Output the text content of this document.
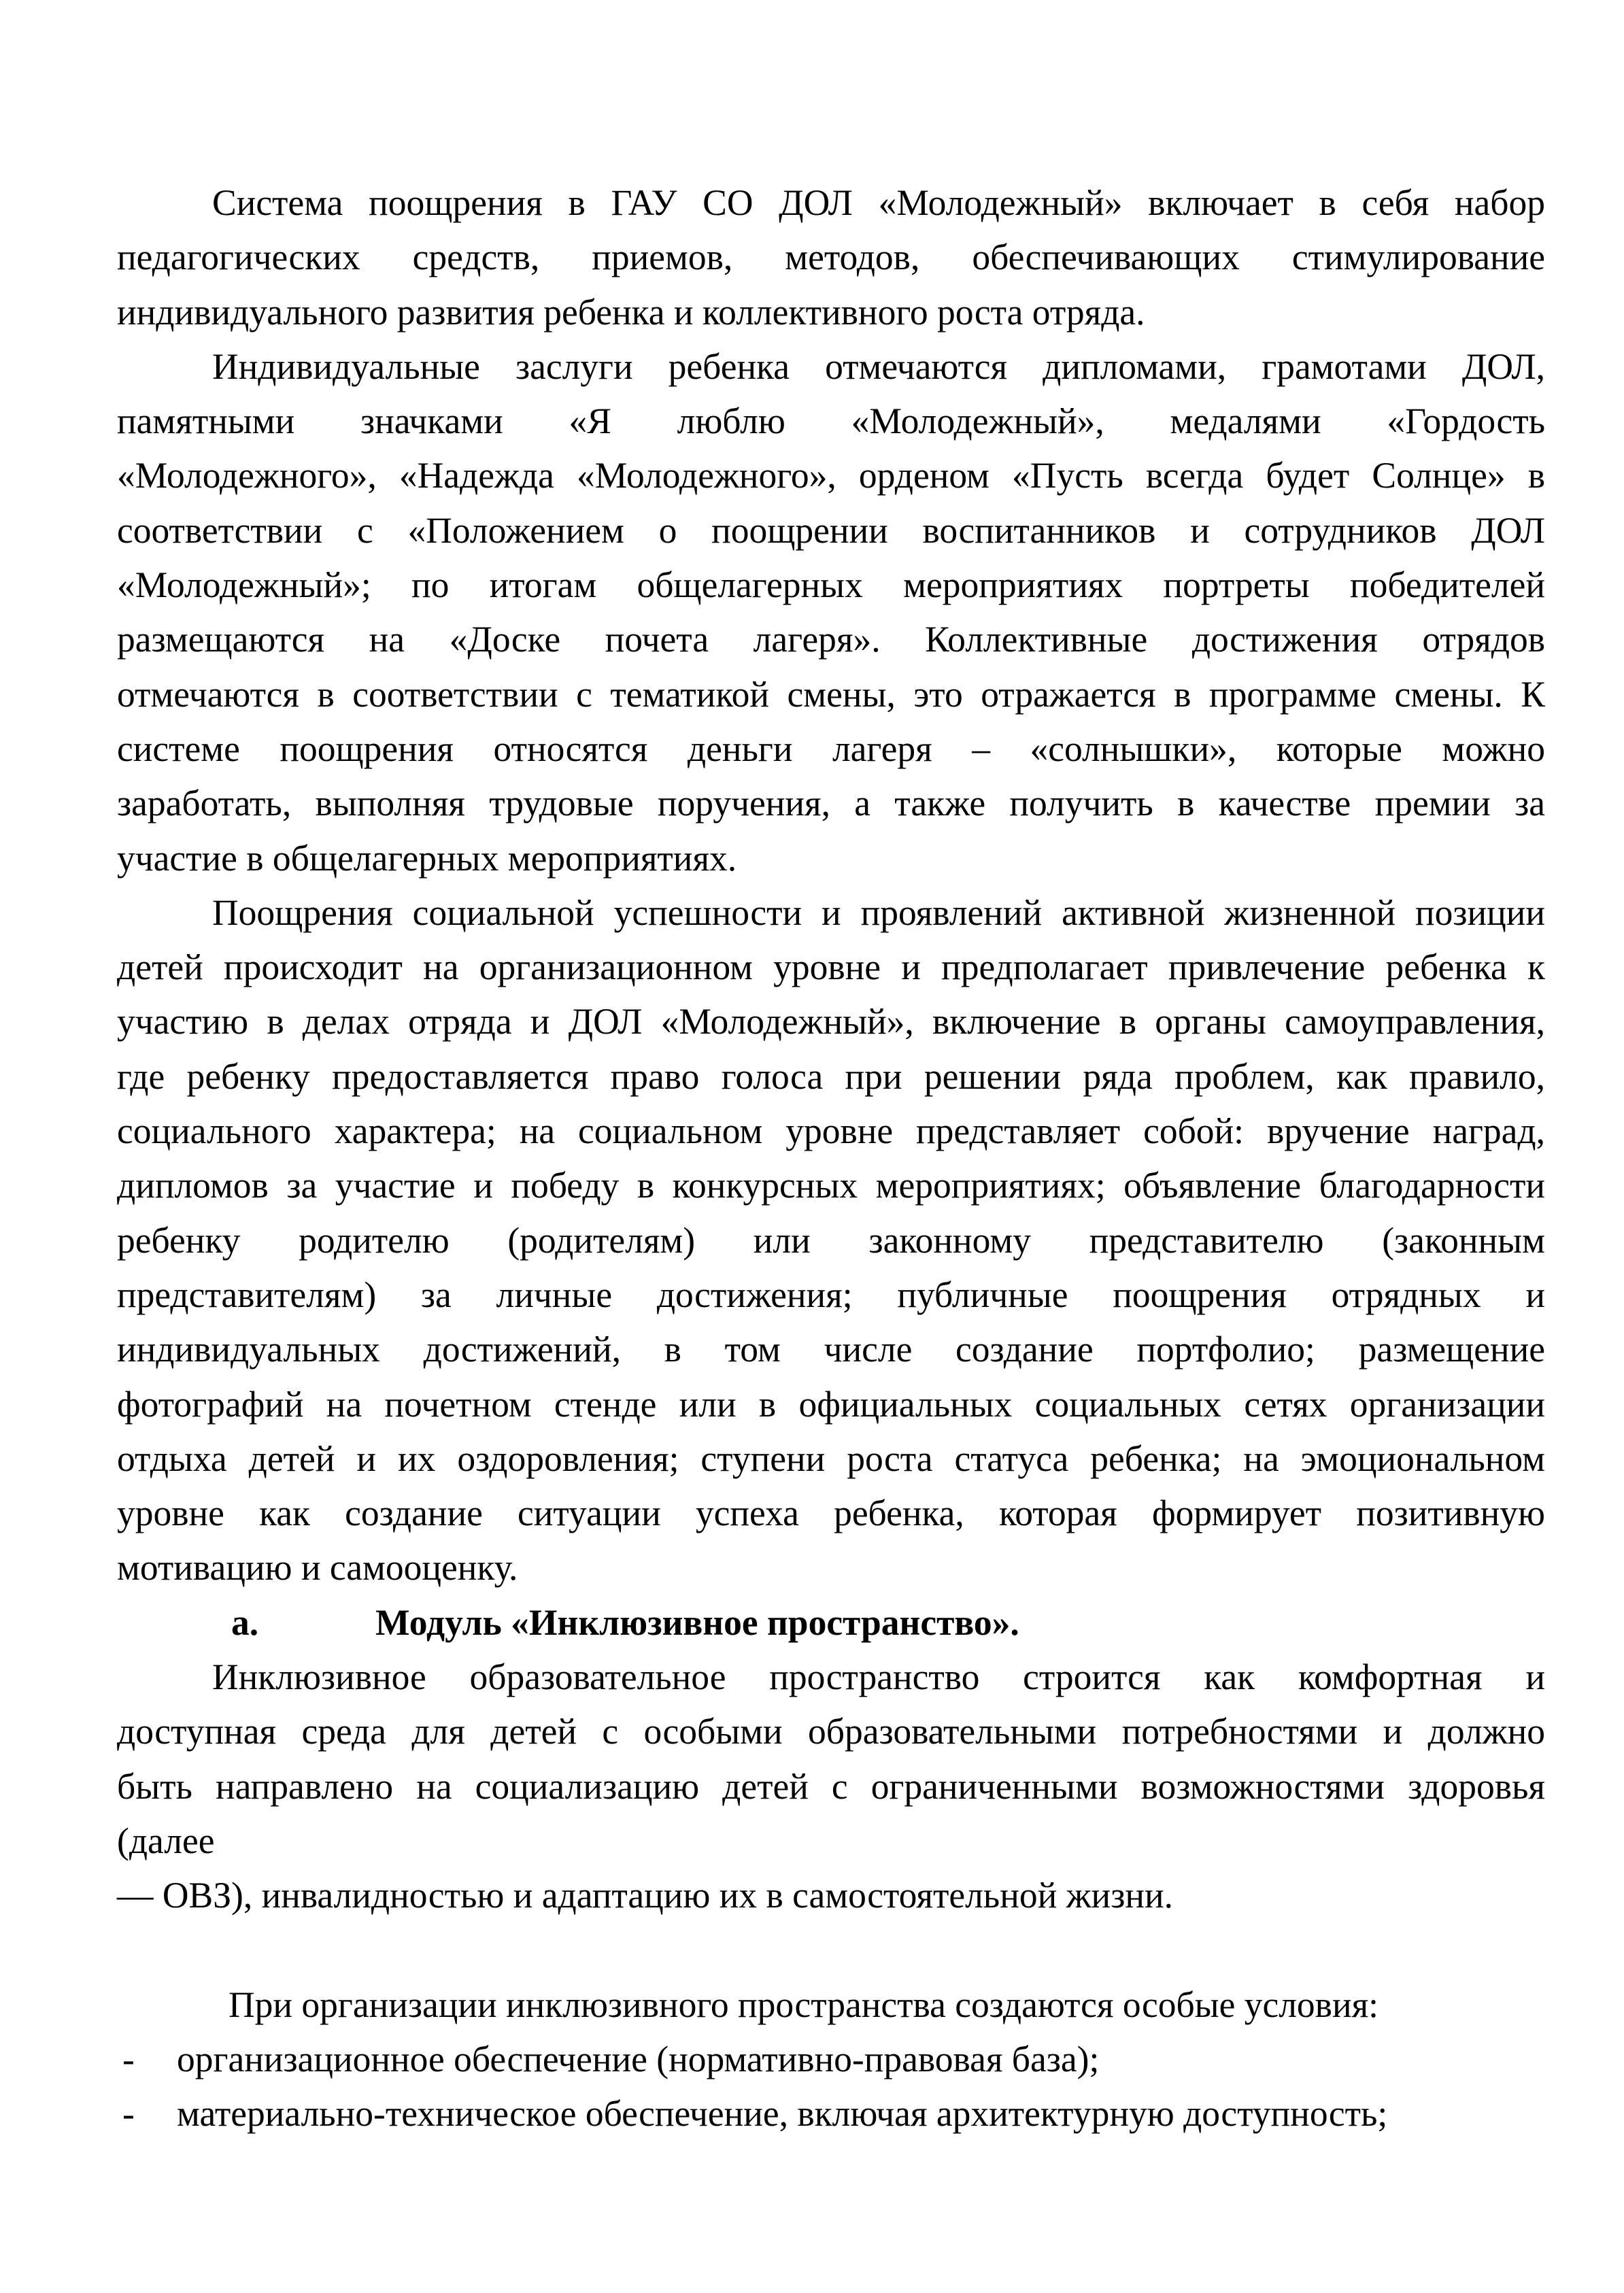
Система поощрения в ГАУ СО ДОЛ «Молодежный» включает в себя набор

педагогических средств, приемов, методов, обеспечивающих стимулирование

индивидуального развития ребенка и коллективного роста отряда.

Индивидуальные заслуги ребенка отмечаются дипломами, грамотами ДОЛ,

памятными значками «Я люблю «Молодежный», медалями «Гордость

«Молодежного», «Надежда «Молодежного», орденом «Пусть всегда будет Солнце» в

соответствии с «Положением о поощрении воспитанников и сотрудников ДОЛ

«Молодежный»; по итогам общелагерных мероприятиях портреты победителей

размещаются на «Доске почета лагеря». Коллективные достижения отрядов

отмечаются в соответствии с тематикой смены, это отражается в программе смены. К

системе поощрения относятся деньги лагеря – «солнышки», которые можно

заработать, выполняя трудовые поручения, а также получить в качестве премии за

участие в общелагерных мероприятиях.

Поощрения социальной успешности и проявлений активной жизненной позиции

детей происходит на организационном уровне и предполагает привлечение ребенка к

участию в делах отряда и ДОЛ «Молодежный», включение в органы самоуправления,

где ребенку предоставляется право голоса при решении ряда проблем, как правило,

социального характера; на социальном уровне представляет собой: вручение наград,

дипломов за участие и победу в конкурсных мероприятиях; объявление благодарности

ребенку родителю (родителям) или законному представителю (законным

представителям) за личные достижения; публичные поощрения отрядных и

индивидуальных достижений, в том числе создание портфолио; размещение

фотографий на почетном стенде или в официальных социальных сетях организации

отдыха детей и их оздоровления; ступени роста статуса ребенка; на эмоциональном

уровне как создание ситуации успеха ребенка, которая формирует позитивную

мотивацию и самооценку.

a.	Модуль «Инклюзивное пространство».

Инклюзивное образовательное пространство строится как комфортная и

доступная среда для детей с особыми образовательными потребностями и должно

быть направлено на социализацию детей с ограниченными возможностями здоровья

(далее

— ОВЗ), инвалидностью и адаптацию их в самостоятельной жизни.

При организации инклюзивного пространства создаются особые условия:

- организационное обеспечение (нормативно-правовая база);

- материально-техническое обеспечение, включая архитектурную доступность;
